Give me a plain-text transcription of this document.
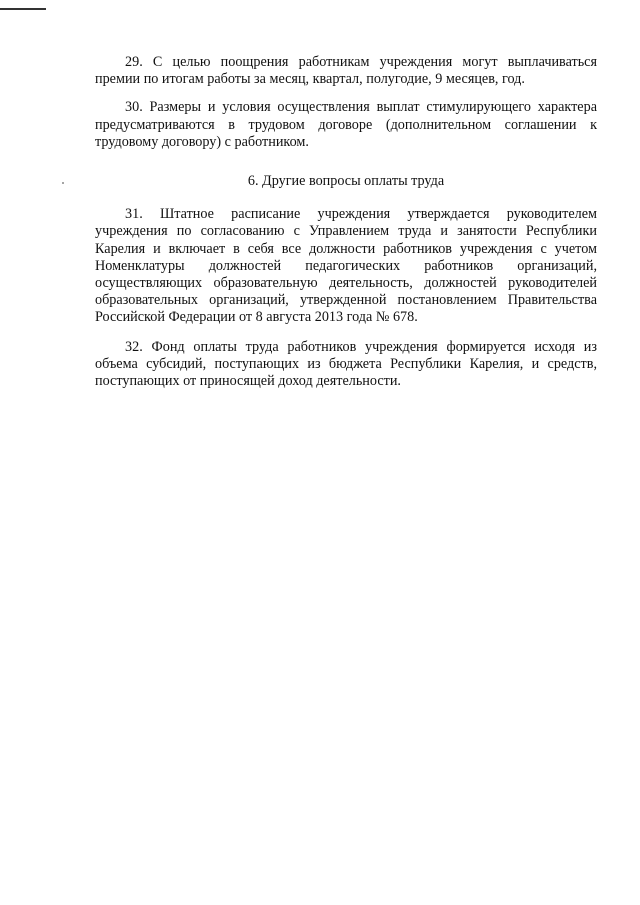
29. С целью поощрения работникам учреждения могут выплачиваться премии по итогам работы за месяц, квартал, полугодие, 9 месяцев, год.

30. Размеры и условия осуществления выплат стимулирующего характера предусматриваются в трудовом договоре (дополнительном соглашении к трудовому договору) с работником.

6. Другие вопросы оплаты труда

31. Штатное расписание учреждения утверждается руководителем учреждения по согласованию с Управлением труда и занятости Республики Карелия и включает в себя все должности работников учреждения с учетом Номенклатуры должностей педагогических работников организаций, осуществляющих образовательную деятельность, должностей руководителей образовательных организаций, утвержденной постановлением Правительства Российской Федерации от 8 августа 2013 года № 678.

32. Фонд оплаты труда работников учреждения формируется исходя из объема субсидий, поступающих из бюджета Республики Карелия, и средств, поступающих от приносящей доход деятельности.
